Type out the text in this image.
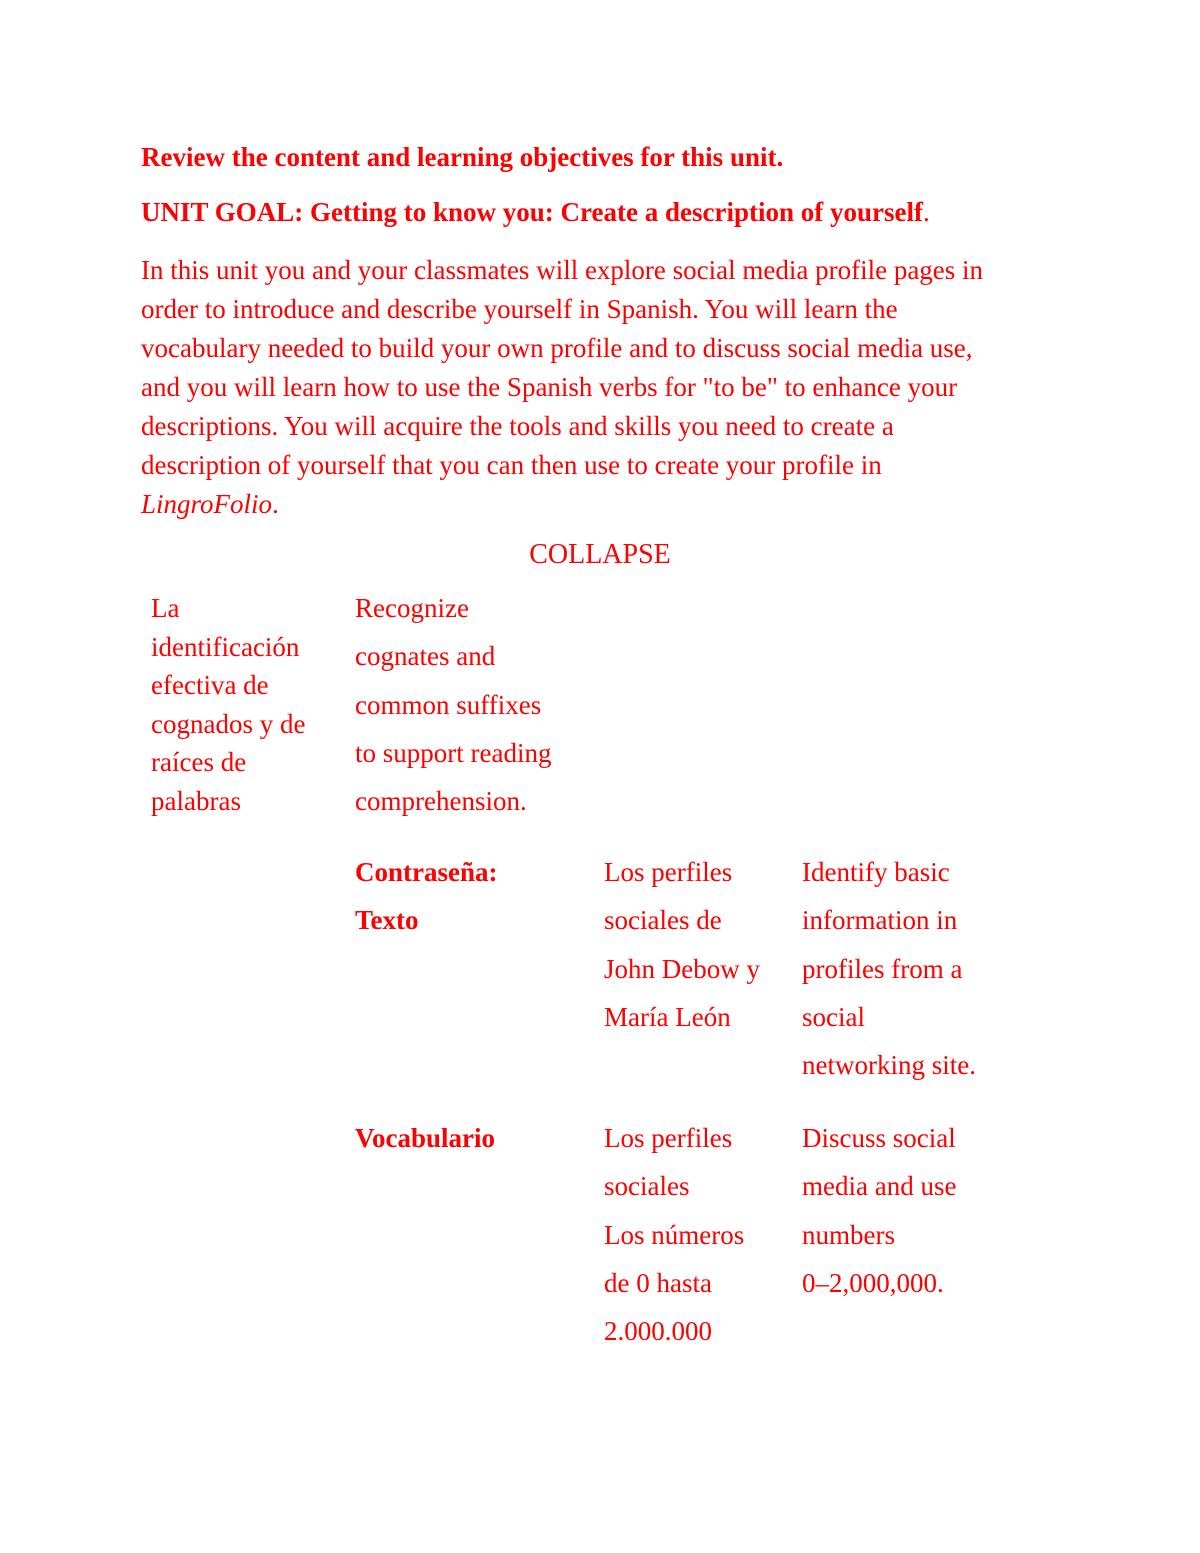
Review the content and learning objectives for this unit.
UNIT GOAL: Getting to know you: Create a description of yourself.

In this unit you and your classmates will explore social media profile pages in
order to introduce and describe yourself in Spanish. You will learn the
vocabulary needed to build your own profile and to discuss social media use,
and you will learn how to use the Spanish verbs for "to be" to enhance your
descriptions. You will acquire the tools and skills you need to create a
description of yourself that you can then use to create your profile in
LingroFolio.

COLLAPSE
La
identificación
efectiva de
cognados y de
raíces de
palabras
Recognize
cognates and
common suffixes
to support reading
comprehension.
Contraseña:
Texto
Los perfiles
sociales de
John Debow y
María León
Identify basic
information in
profiles from a
social
networking site.
Vocabulario	Los perfiles
sociales
Los números
de 0 hasta
2.000.000
Discuss social
media and use
numbers
0–2,000,000.
